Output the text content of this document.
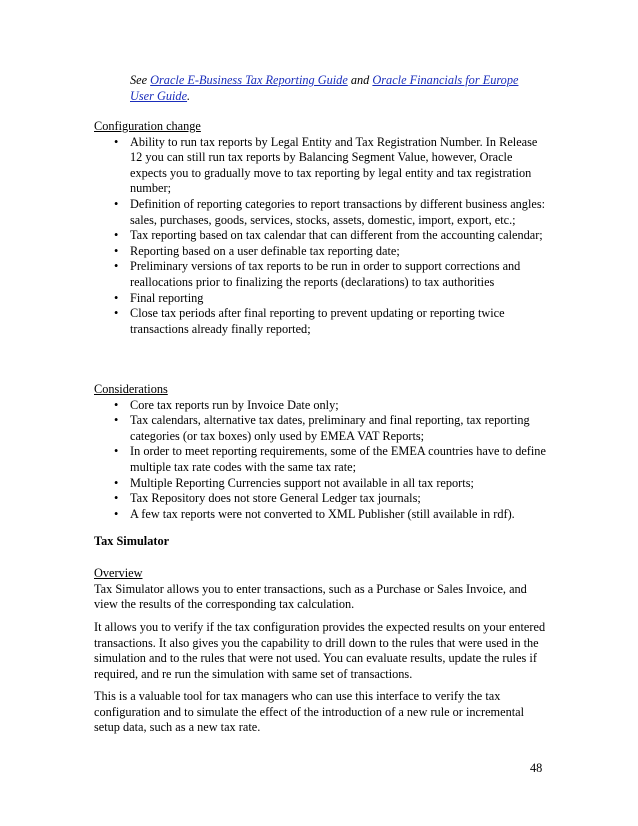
See Oracle E-Business Tax Reporting Guide and Oracle Financials for Europe User Guide.

Configuration change

• Ability to run tax reports by Legal Entity and Tax Registration Number. In Release 12 you can still run tax reports by Balancing Segment Value, however, Oracle expects you to gradually move to tax reporting by legal entity and tax registration number;
• Definition of reporting categories to report transactions by different business angles: sales, purchases, goods, services, stocks, assets, domestic, import, export, etc.;
• Tax reporting based on tax calendar that can different from the accounting calendar;
• Reporting based on a user definable tax reporting date;
• Preliminary versions of tax reports to be run in order to support corrections and reallocations prior to finalizing the reports (declarations) to tax authorities
• Final reporting
• Close tax periods after final reporting to prevent updating or reporting twice transactions already finally reported;

Considerations

• Core tax reports run by Invoice Date only;
• Tax calendars, alternative tax dates, preliminary and final reporting, tax reporting categories (or tax boxes) only used by EMEA VAT Reports;
• In order to meet reporting requirements, some of the EMEA countries have to define multiple tax rate codes with the same tax rate;
• Multiple Reporting Currencies support not available in all tax reports;
• Tax Repository does not store General Ledger tax journals;
• A few tax reports were not converted to XML Publisher (still available in rdf).

Tax Simulator

Overview

Tax Simulator allows you to enter transactions, such as a Purchase or Sales Invoice, and view the results of the corresponding tax calculation.

It allows you to verify if the tax configuration provides the expected results on your entered transactions. It also gives you the capability to drill down to the rules that were used in the simulation and to the rules that were not used. You can evaluate results, update the rules if required, and re run the simulation with same set of transactions.

This is a valuable tool for tax managers who can use this interface to verify the tax configuration and to simulate the effect of the introduction of a new rule or incremental setup data, such as a new tax rate.

48
